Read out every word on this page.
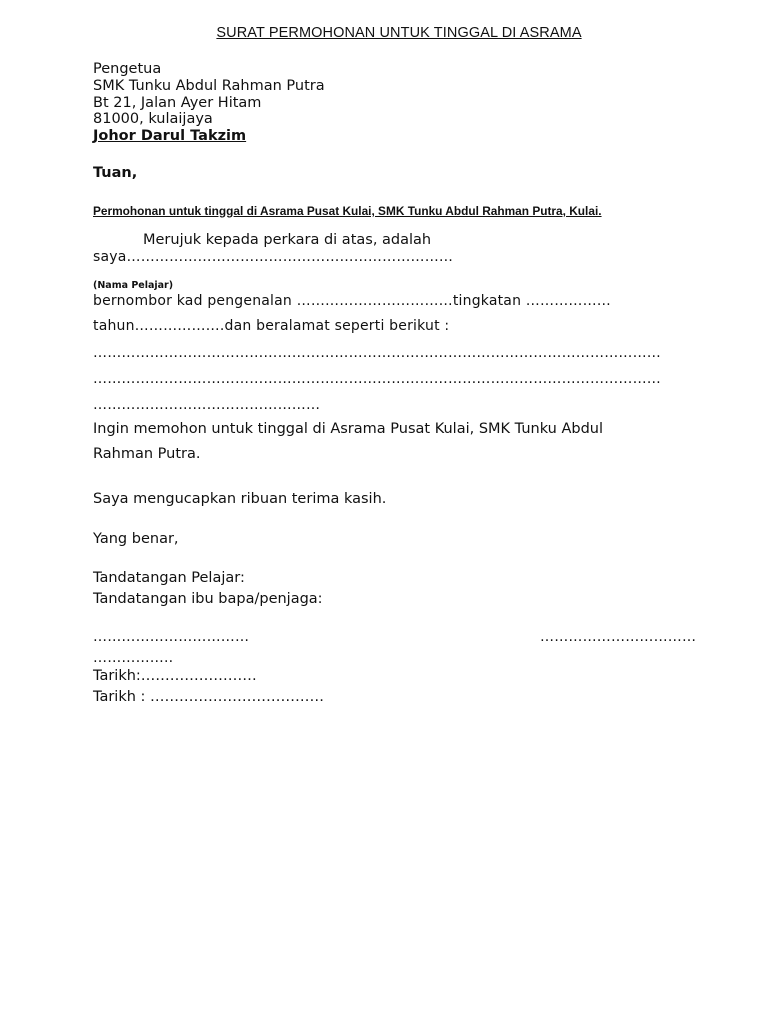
SURAT PERMOHONAN UNTUK TINGGAL DI ASRAMA
Pengetua
SMK Tunku Abdul Rahman Putra
Bt 21, Jalan Ayer Hitam
81000, kulaijaya
Johor Darul Takzim
Tuan,
Permohonan untuk tinggal di Asrama Pusat Kulai, SMK Tunku Abdul Rahman Putra, Kulai.
Merujuk kepada perkara di atas, adalah
saya……………………………………………………………
(Nama Pelajar)
bernombor kad pengenalan ……………………………tingkatan ………………
tahun……………….dan beralamat seperti berikut :
…………………………………………………………………………………………………………
…………………………………………………………………………………………………………
…………………………………………
Ingin memohon untuk tinggal di Asrama Pusat Kulai, SMK Tunku Abdul
Rahman Putra.
Saya mengucapkan ribuan terima kasih.
Yang benar,
Tandatangan Pelajar:
Tandatangan ibu bapa/penjaga:
……………………………	……………………………
……………..
Tarikh:……………………
Tarikh : ………………………………
